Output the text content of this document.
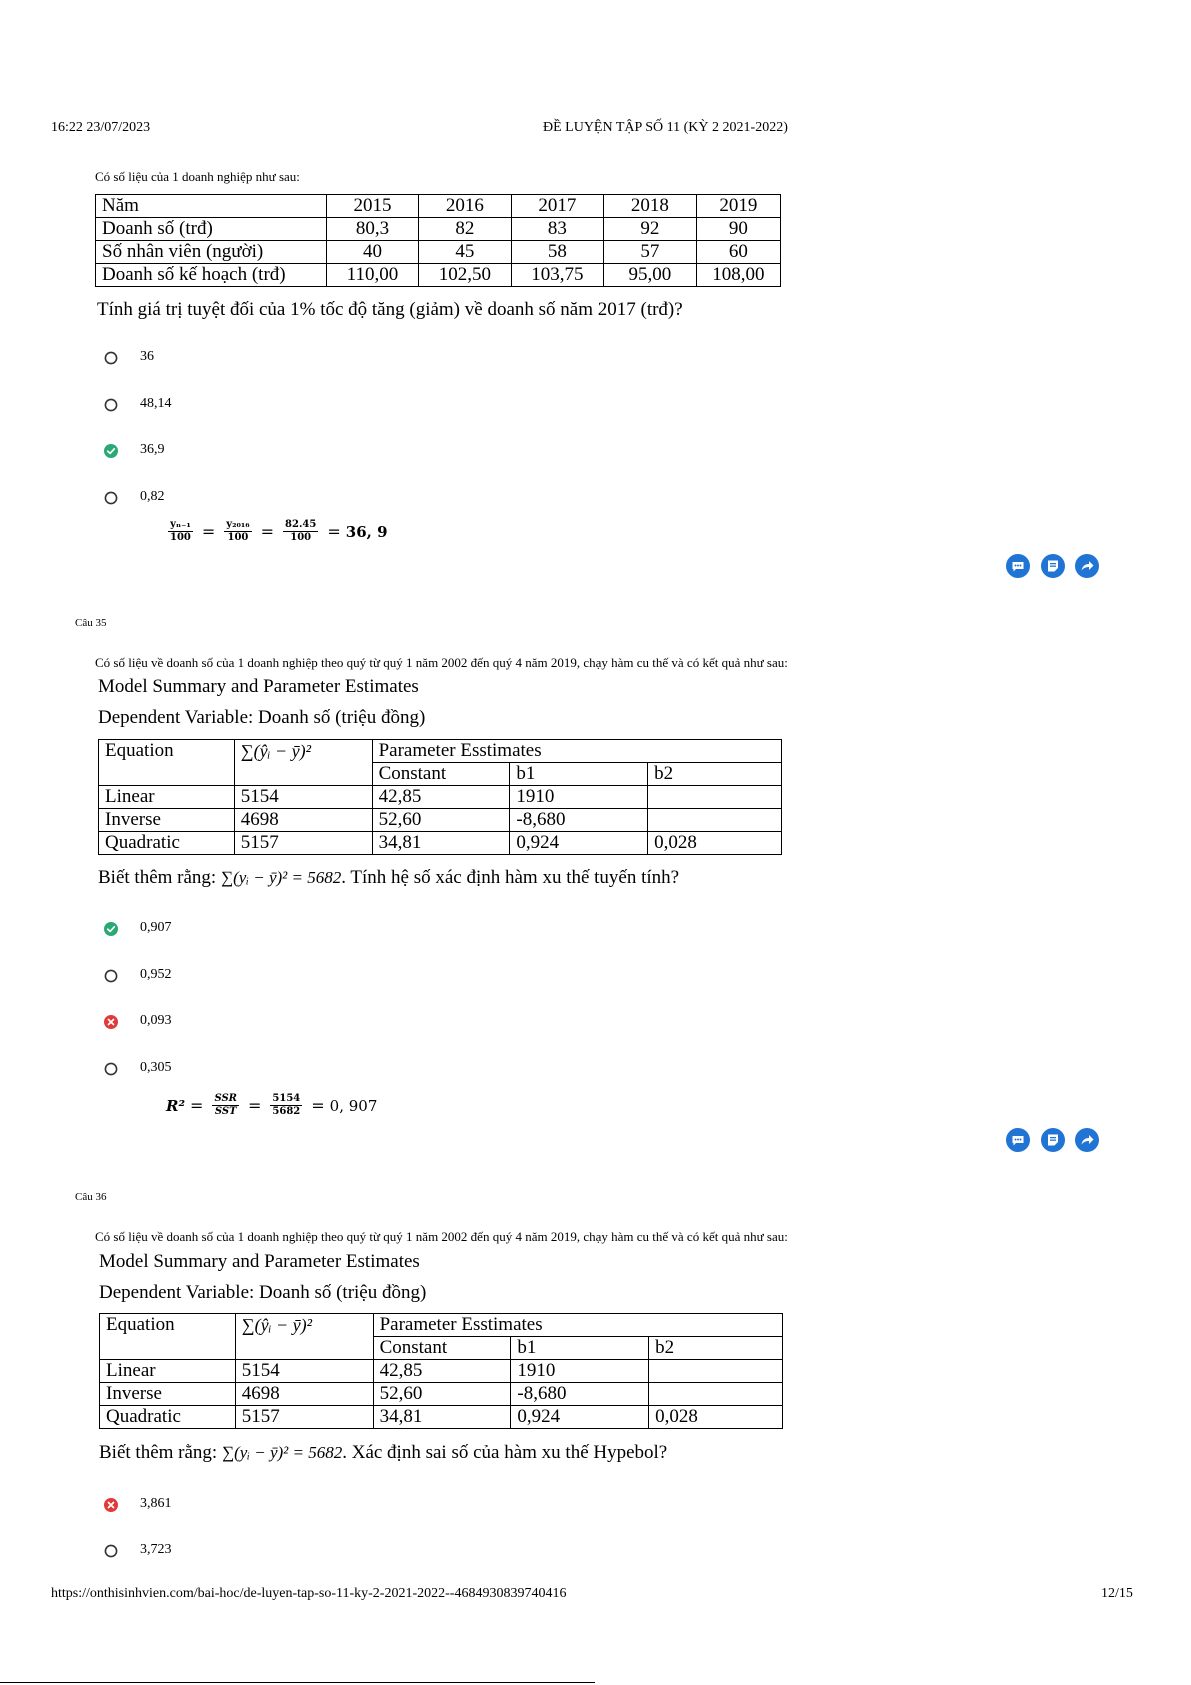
16:22 23/07/2023	ĐỀ LUYỆN TẬP SỐ 11 (KỲ 2 2021-2022)
Có số liệu của 1 doanh nghiệp như sau:
Năm	2015	2016	2017	2018	2019
Doanh số (trđ)	80,3	82	83	92	90
Số nhân viên (người)	40	45	58	57	60
Doanh số kế hoạch (trđ)	110,00	102,50	103,75	95,00	108,00
Tính giá trị tuyệt đối của 1% tốc độ tăng (giảm) về doanh số năm 2017 (trđ)?
36
48,14
36,9
0,82
$\frac{\text{yₙ₋₁}}{100} = \frac{\text{y₂₀₁₆}}{100} = \frac{82.45}{100} = 36$, 9
Câu 35
Có số liệu về doanh số của 1 doanh nghiệp theo quý từ quý 1 năm 2002 đến quý 4 năm 2019, chạy hàm cu thế và có kết quả như sau:
Model Summary and Parameter Estimates
Dependent Variable: Doanh số (triệu đồng)
Equation	∑(ŷᵢ − ȳ)²	Parameter Esstimates		
		Constant	b1	b2
Linear	5154	42,85	1910	
Inverse	4698	52,60	-8,680	
Quadratic	5157	34,81	0,924	0,028
Biết thêm rằng: ∑(yᵢ − ȳ)² = 5682. Tính hệ số xác định hàm xu thế tuyến tính?
0,907
0,952
0,093
0,305
$R^2 = \frac{\text{SSR}}{\text{SST}} = \frac{5154}{5682} = 0$, 907
Câu 36
Có số liệu về doanh số của 1 doanh nghiệp theo quý từ quý 1 năm 2002 đến quý 4 năm 2019, chạy hàm cu thế và có kết quả như sau:
Model Summary and Parameter Estimates
Dependent Variable: Doanh số (triệu đồng)
Equation	∑(ŷᵢ − ȳ)²	Parameter Esstimates		
		Constant	b1	b2
Linear	5154	42,85	1910	
Inverse	4698	52,60	-8,680	
Quadratic	5157	34,81	0,924	0,028
Biết thêm rằng: ∑(yᵢ − ȳ)² = 5682. Xác định sai số của hàm xu thế Hypebol?
3,861
3,723
https://onthisinhvien.com/bai-hoc/de-luyen-tap-so-11-ky-2-2021-2022--4684930839740416	12/15
